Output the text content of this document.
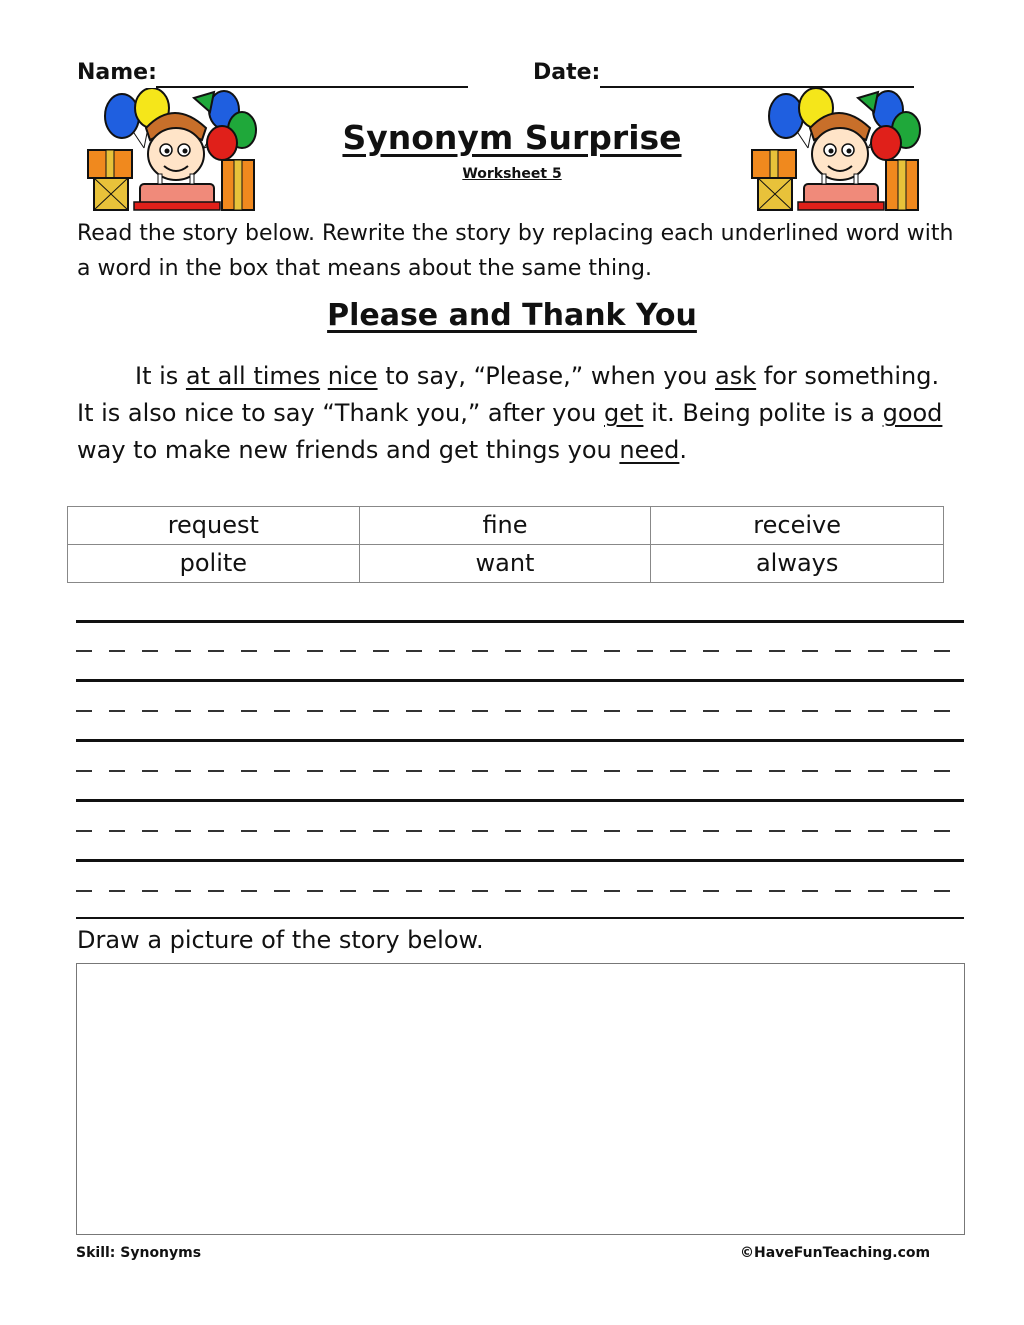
Name:	Date:
Synonym Surprise
Worksheet 5
Read the story below. Rewrite the story by replacing each underlined word with a word in the box that means about the same thing.
Please and Thank You

It is at all times nice to say, “Please,” when you ask for something. It is also nice to say “Thank you,” after you get it. Being polite is a good way to make new friends and get things you need.

request	fine	receive
polite	want	always
Draw a picture of the story below.
Skill: Synonyms	©HaveFunTeaching.com
